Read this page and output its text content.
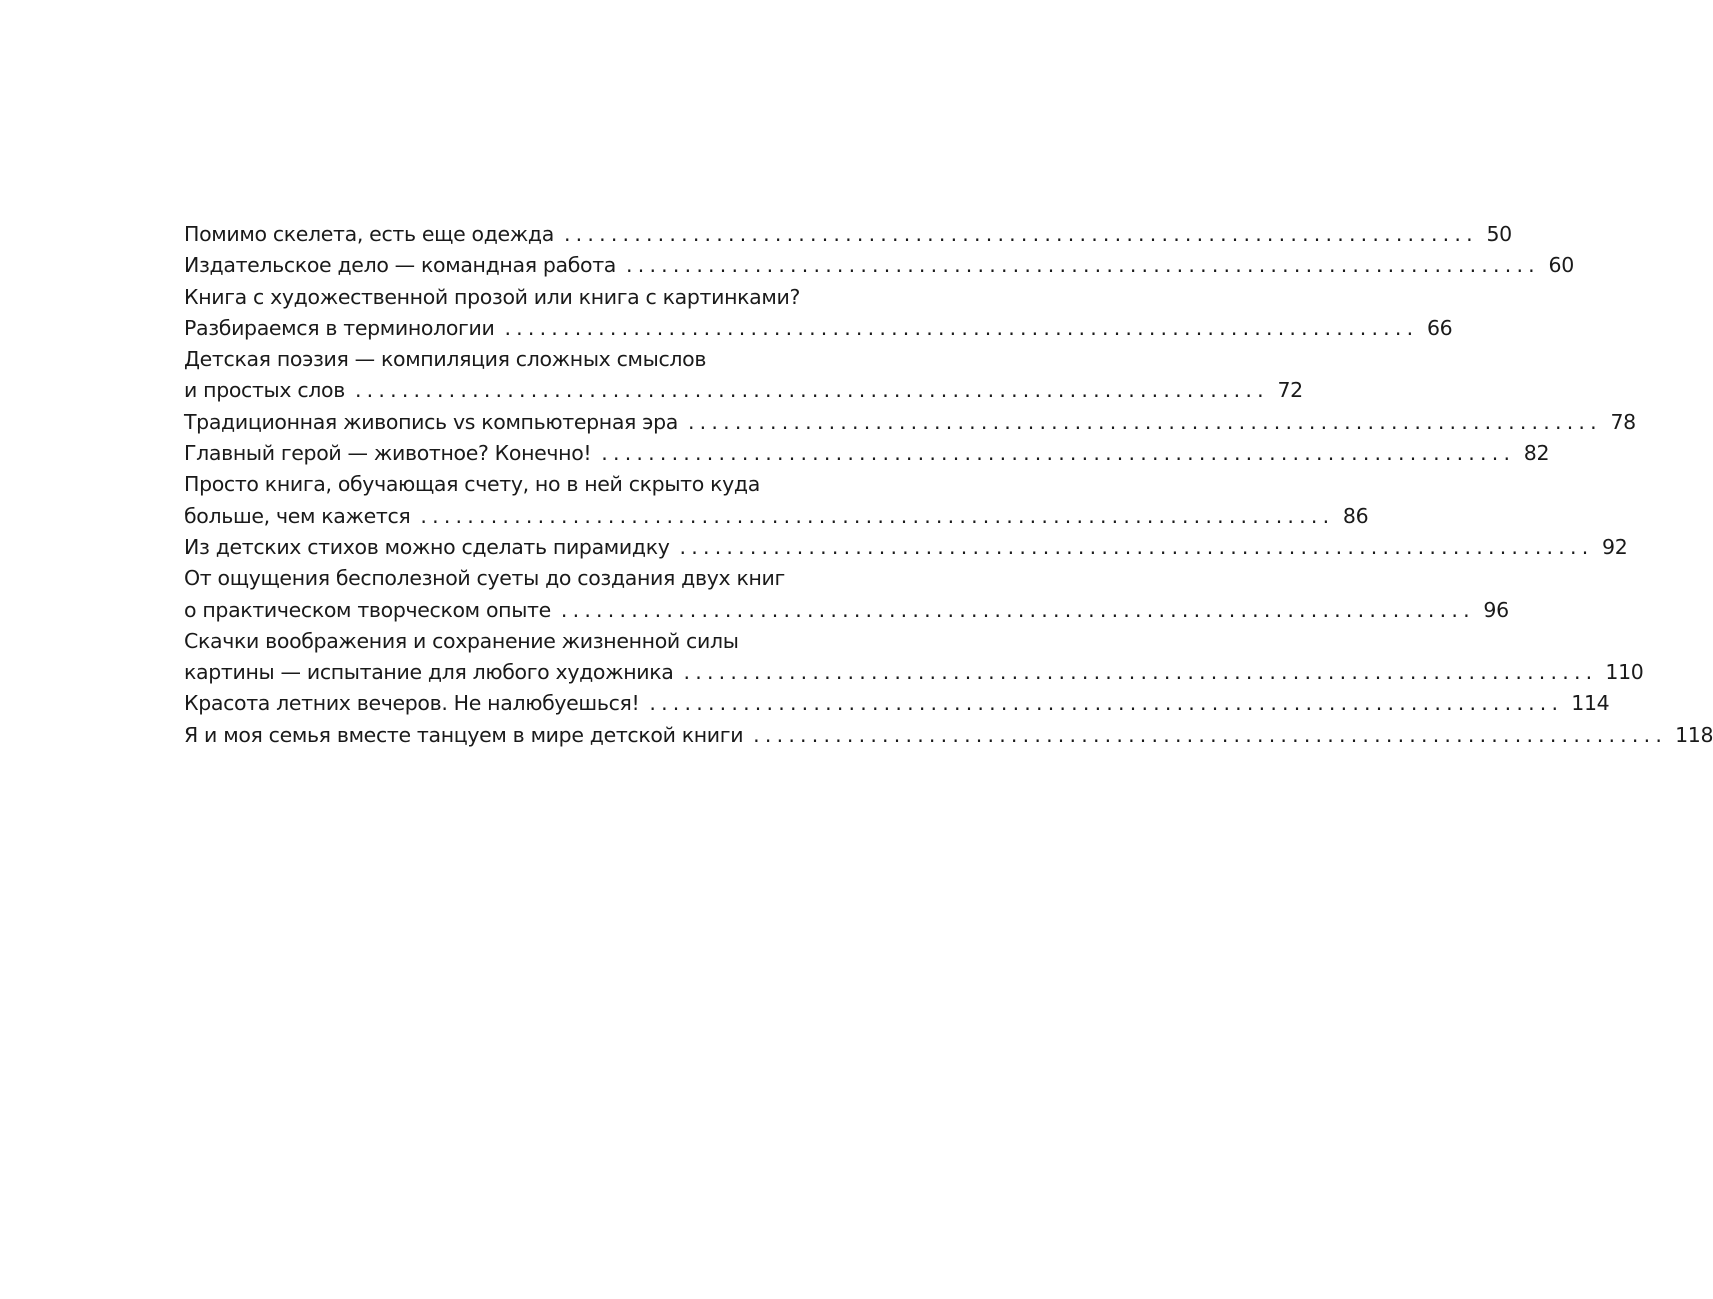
Помимо скелета, есть еще одежда .............................................................................. 50
Издательское дело — командная работа .............................................................................. 60
Книга с художественной прозой или книга с картинками?
Разбираемся в терминологии .............................................................................. 66
Детская поэзия — компиляция сложных смыслов
и простых слов .............................................................................. 72
Традиционная живопись vs компьютерная эра .............................................................................. 78
Главный герой — животное? Конечно! .............................................................................. 82
Просто книга, обучающая счету, но в ней скрыто куда
больше, чем кажется .............................................................................. 86
Из детских стихов можно сделать пирамидку .............................................................................. 92
От ощущения бесполезной суеты до создания двух книг
о практическом творческом опыте .............................................................................. 96
Скачки воображения и сохранение жизненной силы
картины — испытание для любого художника .............................................................................. 110
Красота летних вечеров. Не налюбуешься! .............................................................................. 114
Я и моя семья вместе танцуем в мире детской книги .............................................................................. 118
